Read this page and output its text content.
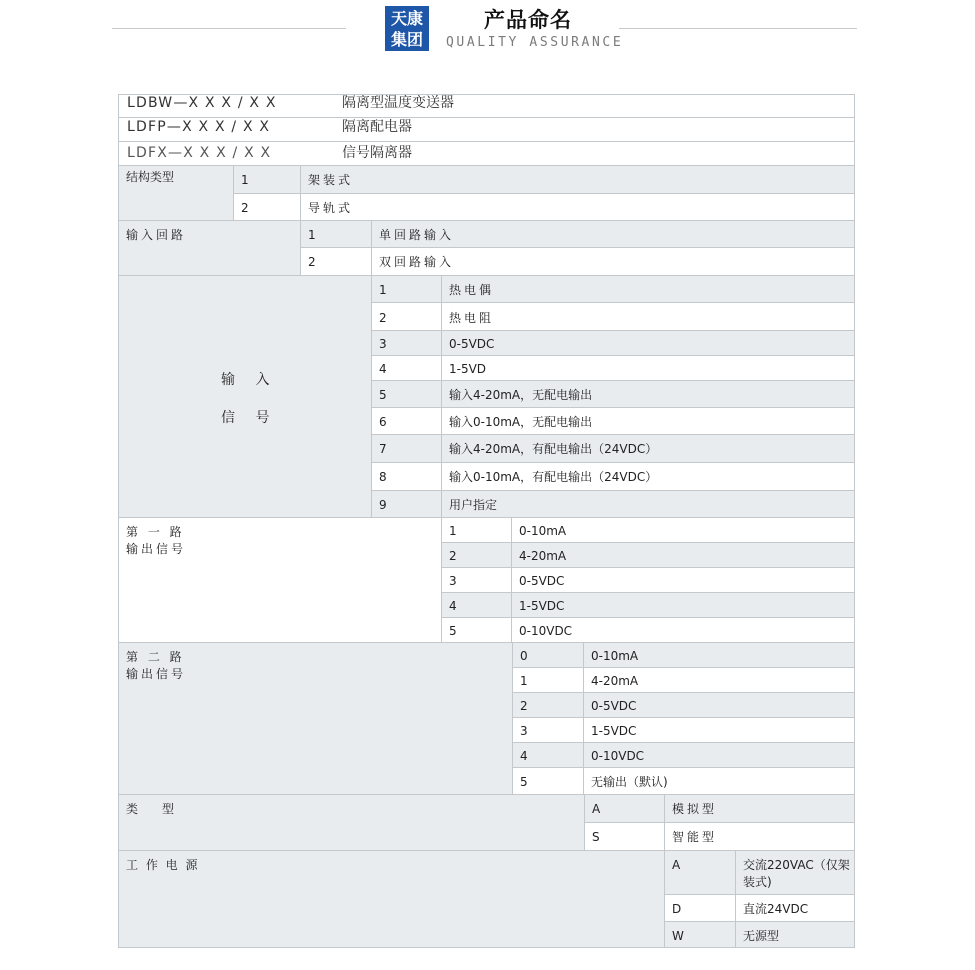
天康
集团
产品命名
QUALITY ASSURANCE
LDBW—X X X / X X	隔离型温度变送器
LDFP—X X X / X X	隔离配电器
LDFX—X X X / X X	信号隔离器
结构类型	1	架装式
2	导轨式
输入回路	1	单回路输入
2	双回路输入
输 入
信 号
1	热电偶
2	热电阻
3	0-5VDC
4	1-5VD
5	输入4-20mA，无配电输出
6	输入0-10mA，无配电输出
7	输入4-20mA，有配电输出（24VDC）
8	输入0-10mA，有配电输出（24VDC）
9	用户指定
第 一 路
输出信号
1	0-10mA
2	4-20mA
3	0-5VDC
4	1-5VDC
5	0-10VDC
第 二 路
输出信号
0	0-10mA
1	4-20mA
2	0-5VDC
3	1-5VDC
4	0-10VDC
5	无输出（默认)
类　　型	A	模拟型
S	智能型
工 作 电 源	A	交流220VAC（仅架装式)
D	直流24VDC
W	无源型
